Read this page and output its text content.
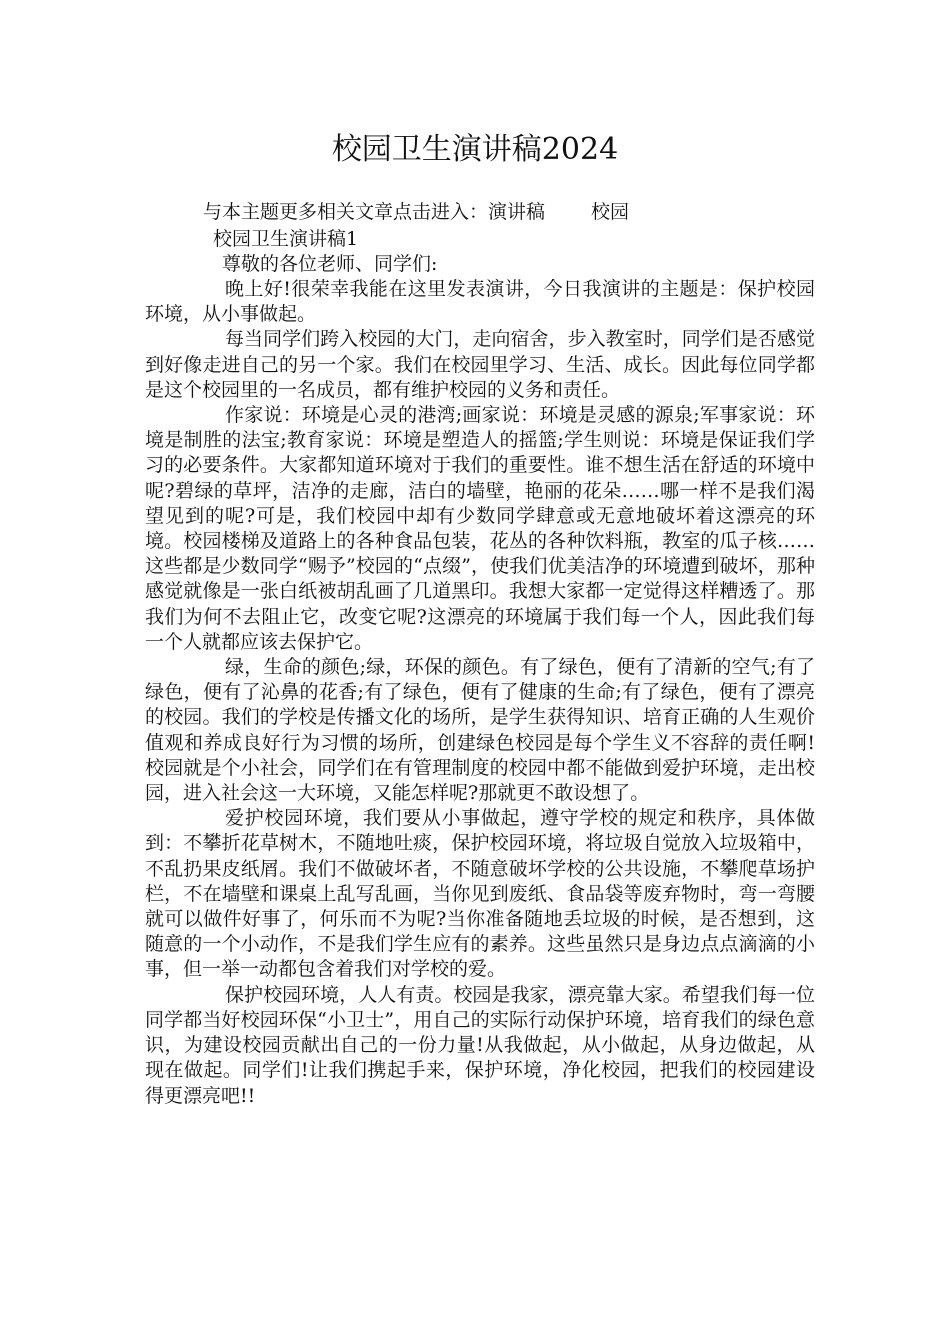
校园卫生演讲稿2024
与本主题更多相关文章点击进入：演讲稿 校园
校园卫生演讲稿1
尊敬的各位老师、同学们:

晚上好!很荣幸我能在这里发表演讲，今日我演讲的主题是：保护校园环境，从小事做起。

每当同学们跨入校园的大门，走向宿舍，步入教室时，同学们是否感觉到好像走进自己的另一个家。我们在校园里学习、生活、成长。因此每位同学都是这个校园里的一名成员，都有维护校园的义务和责任。

作家说：环境是心灵的港湾;画家说：环境是灵感的源泉;军事家说：环境是制胜的法宝;教育家说：环境是塑造人的摇篮;学生则说：环境是保证我们学习的必要条件。大家都知道环境对于我们的重要性。谁不想生活在舒适的环境中呢?碧绿的草坪，洁净的走廊，洁白的墙壁，艳丽的花朵……哪一样不是我们渴望见到的呢?可是，我们校园中却有少数同学肆意或无意地破坏着这漂亮的环境。校园楼梯及道路上的各种食品包装，花丛的各种饮料瓶，教室的瓜子核……这些都是少数同学“赐予”校园的“点缀”，使我们优美洁净的环境遭到破坏，那种感觉就像是一张白纸被胡乱画了几道黑印。我想大家都一定觉得这样糟透了。那我们为何不去阻止它，改变它呢?这漂亮的环境属于我们每一个人，因此我们每一个人就都应该去保护它。

绿，生命的颜色;绿，环保的颜色。有了绿色，便有了清新的空气;有了绿色，便有了沁鼻的花香;有了绿色，便有了健康的生命;有了绿色，便有了漂亮的校园。我们的学校是传播文化的场所，是学生获得知识、培育正确的人生观价值观和养成良好行为习惯的场所，创建绿色校园是每个学生义不容辞的责任啊!校园就是个小社会，同学们在有管理制度的校园中都不能做到爱护环境，走出校园，进入社会这一大环境，又能怎样呢?那就更不敢设想了。

爱护校园环境，我们要从小事做起，遵守学校的规定和秩序，具体做到：不攀折花草树木，不随地吐痰，保护校园环境，将垃圾自觉放入垃圾箱中，不乱扔果皮纸屑。我们不做破坏者，不随意破坏学校的公共设施，不攀爬草场护栏，不在墙壁和课桌上乱写乱画，当你见到废纸、食品袋等废弃物时，弯一弯腰就可以做件好事了，何乐而不为呢?当你准备随地丢垃圾的时候，是否想到，这随意的一个小动作，不是我们学生应有的素养。这些虽然只是身边点点滴滴的小事，但一举一动都包含着我们对学校的爱。

保护校园环境，人人有责。校园是我家，漂亮靠大家。希望我们每一位同学都当好校园环保“小卫士”，用自己的实际行动保护环境，培育我们的绿色意识，为建设校园贡献出自己的一份力量!从我做起，从小做起，从身边做起，从现在做起。同学们!让我们携起手来，保护环境，净化校园，把我们的校园建设得更漂亮吧!!
